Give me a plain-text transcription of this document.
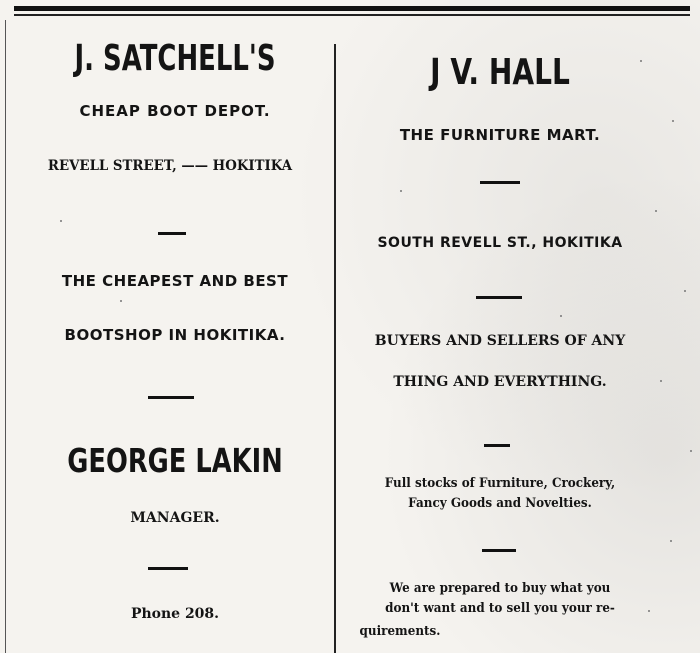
J. SATCHELL'S
CHEAP BOOT DEPOT.
REVELL STREET, —— HOKITIKA
THE CHEAPEST AND BEST
BOOTSHOP IN HOKITIKA.
GEORGE LAKIN
MANAGER.
Phone 208.
J V. HALL
THE FURNITURE MART.
SOUTH REVELL ST., HOKITIKA
BUYERS AND SELLERS OF ANY
THING AND EVERYTHING.
Full stocks of Furniture, Crockery,
Fancy Goods and Novelties.
We are prepared to buy what you
don't want and to sell you your re-
quirements.
